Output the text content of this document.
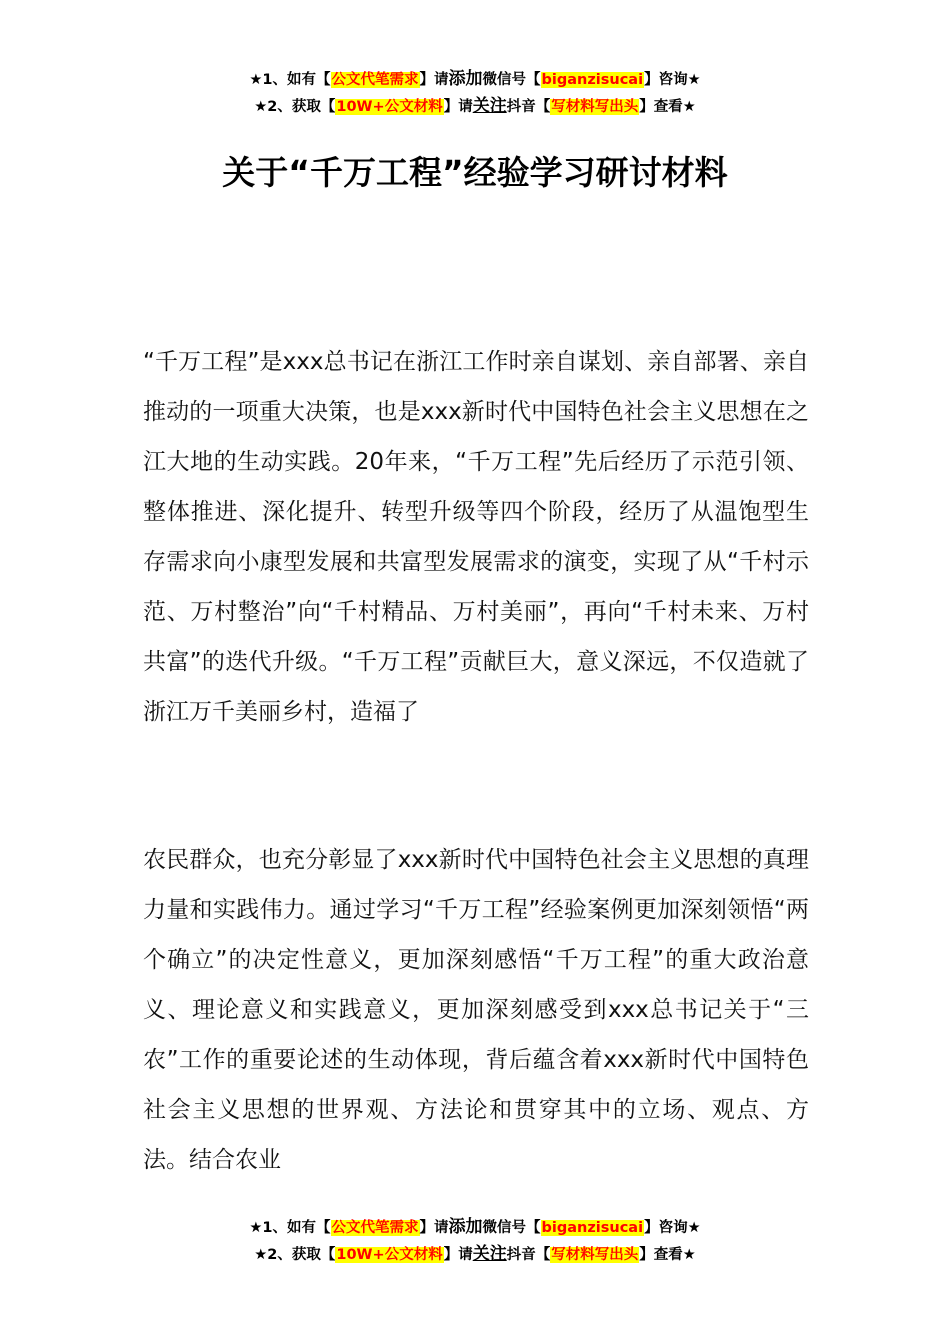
★1、如有【公文代笔需求】请添加微信号【biganzisucai】咨询★
★2、获取【10W+公文材料】请关注抖音【写材料写出头】查看★
关于“千万工程”经验学习研讨材料

“千万工程”是xxx总书记在浙江工作时亲自谋划、亲自部署、亲自推动的一项重大决策，也是xxx新时代中国特色社会主义思想在之江大地的生动实践。20年来，“千万工程”先后经历了示范引领、整体推进、深化提升、转型升级等四个阶段，经历了从温饱型生存需求向小康型发展和共富型发展需求的演变，实现了从“千村示范、万村整治”向“千村精品、万村美丽”，再向“千村未来、万村共富”的迭代升级。“千万工程”贡献巨大，意义深远，不仅造就了浙江万千美丽乡村，造福了

农民群众，也充分彰显了xxx新时代中国特色社会主义思想的真理力量和实践伟力。通过学习“千万工程”经验案例更加深刻领悟“两个确立”的决定性意义，更加深刻感悟“千万工程”的重大政治意义、理论意义和实践意义，更加深刻感受到xxx总书记关于“三农”工作的重要论述的生动体现，背后蕴含着xxx新时代中国特色社会主义思想的世界观、方法论和贯穿其中的立场、观点、方法。结合农业

★1、如有【公文代笔需求】请添加微信号【biganzisucai】咨询★
★2、获取【10W+公文材料】请关注抖音【写材料写出头】查看★
